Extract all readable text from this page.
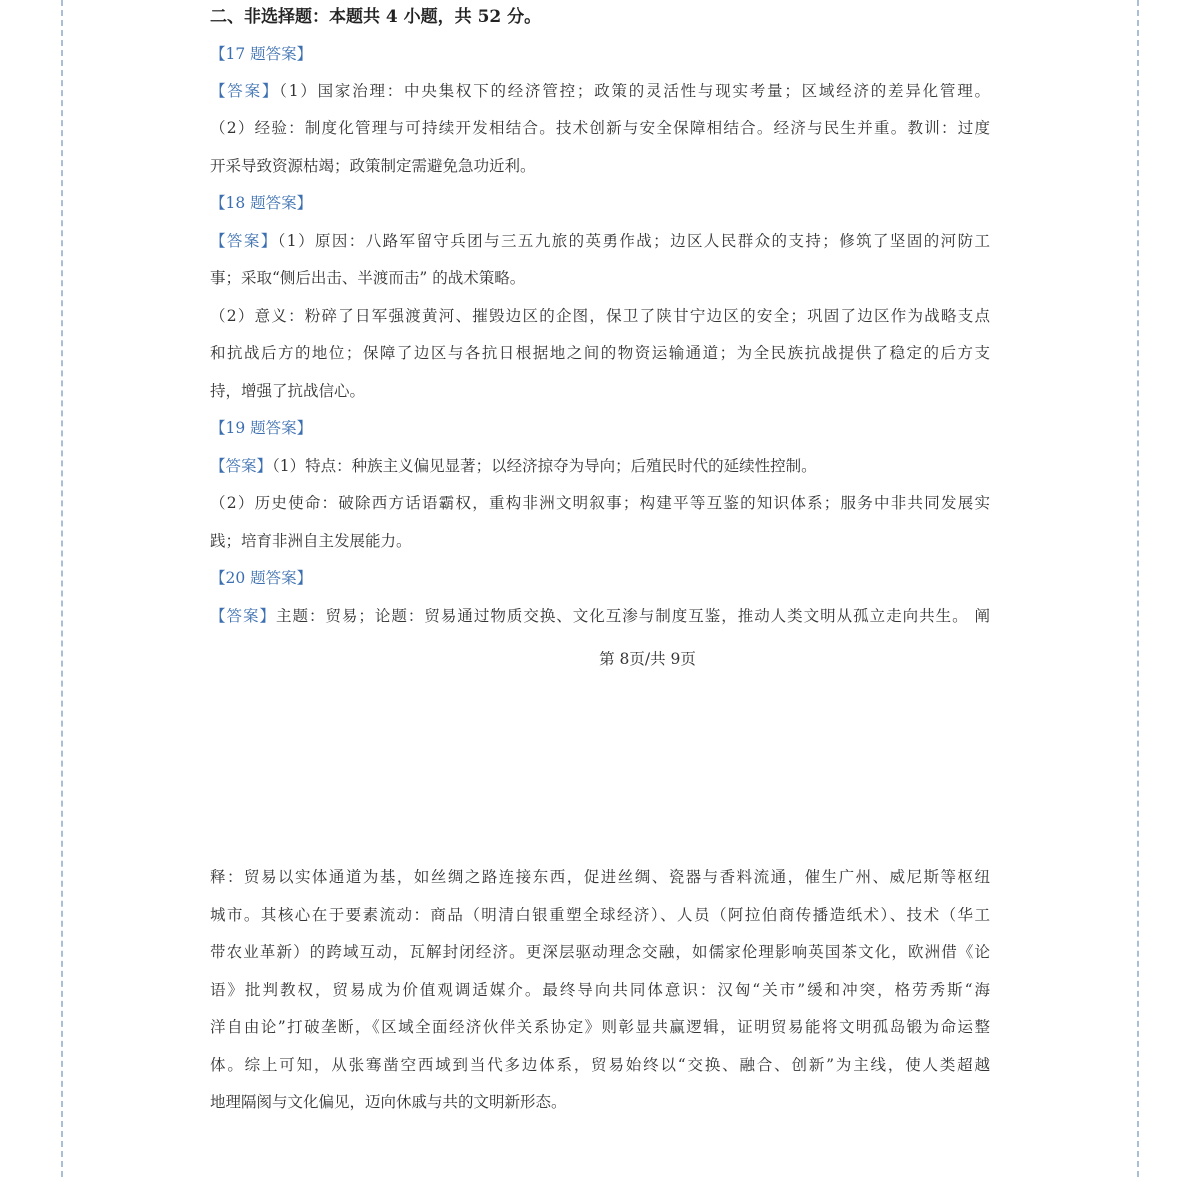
二、非选择题：本题共 4 小题，共 52 分。
【17 题答案】
【答案】（1）国家治理：中央集权下的经济管控；政策的灵活性与现实考量；区域经济的差异化管理。
（2）经验：制度化管理与可持续开发相结合。技术创新与安全保障相结合。经济与民生并重。教训：过度
开采导致资源枯竭；政策制定需避免急功近利。
【18 题答案】
【答案】（1）原因：八路军留守兵团与三五九旅的英勇作战；边区人民群众的支持；修筑了坚固的河防工
事；采取“侧后出击、半渡而击” 的战术策略。
（2）意义：粉碎了日军强渡黄河、摧毁边区的企图，保卫了陕甘宁边区的安全；巩固了边区作为战略支点
和抗战后方的地位；保障了边区与各抗日根据地之间的物资运输通道；为全民族抗战提供了稳定的后方支
持，增强了抗战信心。
【19 题答案】
【答案】（1）特点：种族主义偏见显著；以经济掠夺为导向；后殖民时代的延续性控制。
（2）历史使命：破除西方话语霸权，重构非洲文明叙事；构建平等互鉴的知识体系；服务中非共同发展实
践；培育非洲自主发展能力。
【20 题答案】
【答案】主题：贸易；论题：贸易通过物质交换、文化互渗与制度互鉴，推动人类文明从孤立走向共生。 阐
第 8页/共 9页
释：贸易以实体通道为基，如丝绸之路连接东西，促进丝绸、瓷器与香料流通，催生广州、威尼斯等枢纽
城市。其核心在于要素流动：商品（明清白银重塑全球经济）、人员（阿拉伯商传播造纸术）、技术（华工
带农业革新）的跨域互动，瓦解封闭经济。更深层驱动理念交融，如儒家伦理影响英国茶文化，欧洲借《论
语》批判教权，贸易成为价值观调适媒介。最终导向共同体意识：汉匈“关市”缓和冲突，格劳秀斯“海
洋自由论”打破垄断，《区域全面经济伙伴关系协定》则彰显共赢逻辑，证明贸易能将文明孤岛锻为命运整
体。综上可知，从张骞凿空西域到当代多边体系，贸易始终以“交换、融合、创新”为主线，使人类超越
地理隔阂与文化偏见，迈向休戚与共的文明新形态。
